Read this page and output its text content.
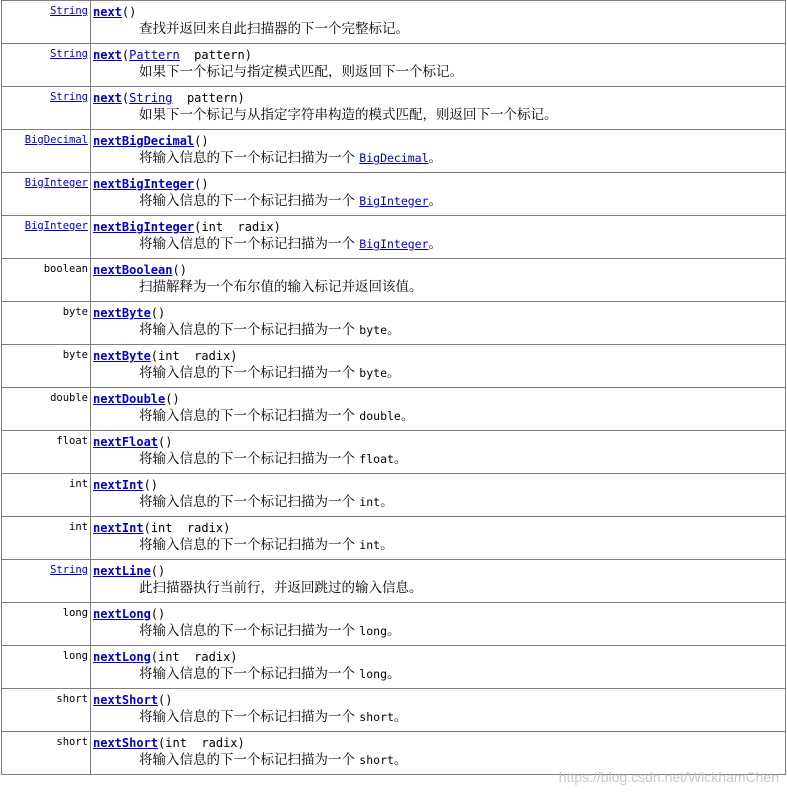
String	next()
查找并返回来自此扫描器的下一个完整标记。

String	next(Pattern pattern)
如果下一个标记与指定模式匹配，则返回下一个标记。

String	next(String pattern)
如果下一个标记与从指定字符串构造的模式匹配，则返回下一个标记。

BigDecimal	nextBigDecimal()
将输入信息的下一个标记扫描为一个 BigDecimal。

BigInteger	nextBigInteger()
将输入信息的下一个标记扫描为一个 BigInteger。

BigInteger	nextBigInteger(int radix)
将输入信息的下一个标记扫描为一个 BigInteger。

boolean	nextBoolean()
扫描解释为一个布尔值的输入标记并返回该值。

byte	nextByte()
将输入信息的下一个标记扫描为一个 byte。

byte	nextByte(int radix)
将输入信息的下一个标记扫描为一个 byte。

double	nextDouble()
将输入信息的下一个标记扫描为一个 double。

float	nextFloat()
将输入信息的下一个标记扫描为一个 float。

int	nextInt()
将输入信息的下一个标记扫描为一个 int。

int	nextInt(int radix)
将输入信息的下一个标记扫描为一个 int。

String	nextLine()
此扫描器执行当前行，并返回跳过的输入信息。

long	nextLong()
将输入信息的下一个标记扫描为一个 long。

long	nextLong(int radix)
将输入信息的下一个标记扫描为一个 long。

short	nextShort()
将输入信息的下一个标记扫描为一个 short。

short	nextShort(int radix)
将输入信息的下一个标记扫描为一个 short。
https://blog.csdn.net/WickhamChen
